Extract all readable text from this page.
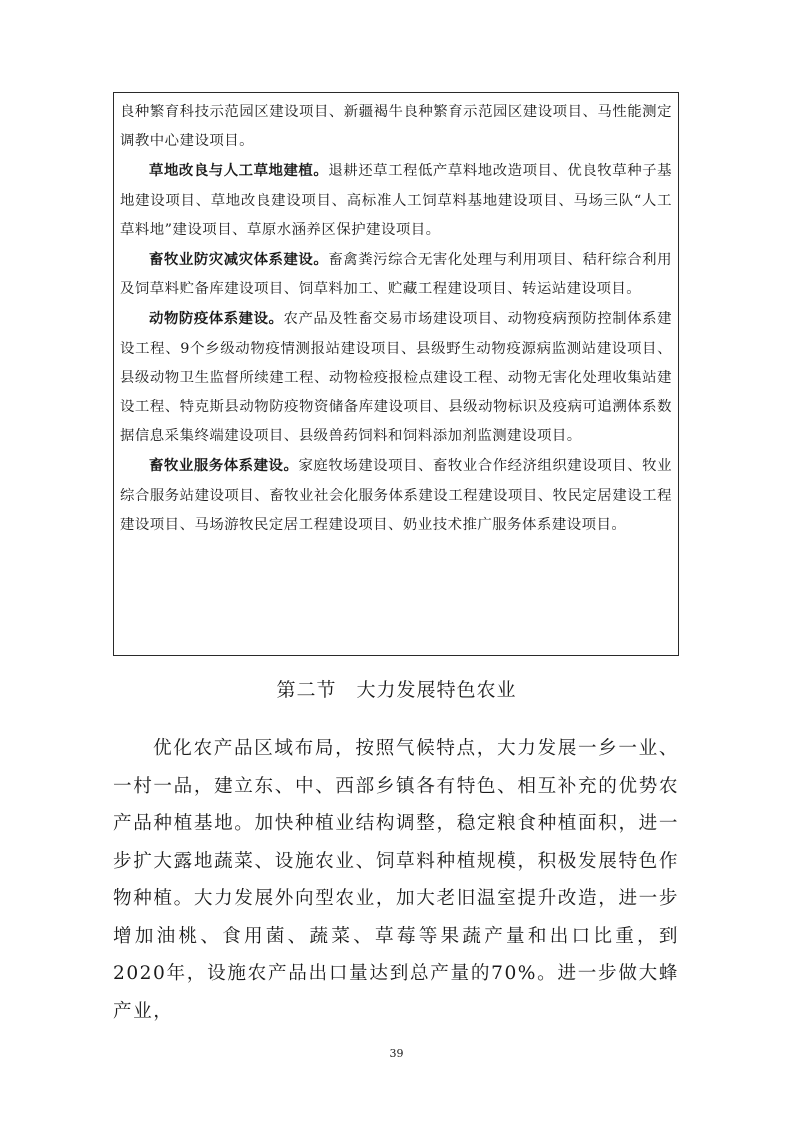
良种繁育科技示范园区建设项目、新疆褐牛良种繁育示范园区建设项目、马性能测定调教中心建设项目。

草地改良与人工草地建植。退耕还草工程低产草料地改造项目、优良牧草种子基地建设项目、草地改良建设项目、高标准人工饲草料基地建设项目、马场三队“人工草料地”建设项目、草原水涵养区保护建设项目。

畜牧业防灾减灾体系建设。畜禽粪污综合无害化处理与利用项目、秸秆综合利用及饲草料贮备库建设项目、饲草料加工、贮藏工程建设项目、转运站建设项目。

动物防疫体系建设。农产品及牲畜交易市场建设项目、动物疫病预防控制体系建设工程、9个乡级动物疫情测报站建设项目、县级野生动物疫源病监测站建设项目、县级动物卫生监督所续建工程、动物检疫报检点建设工程、动物无害化处理收集站建设工程、特克斯县动物防疫物资储备库建设项目、县级动物标识及疫病可追溯体系数据信息采集终端建设项目、县级兽药饲料和饲料添加剂监测建设项目。

畜牧业服务体系建设。家庭牧场建设项目、畜牧业合作经济组织建设项目、牧业综合服务站建设项目、畜牧业社会化服务体系建设工程建设项目、牧民定居建设工程建设项目、马场游牧民定居工程建设项目、奶业技术推广服务体系建设项目。

第二节　大力发展特色农业

优化农产品区域布局，按照气候特点，大力发展一乡一业、一村一品，建立东、中、西部乡镇各有特色、相互补充的优势农产品种植基地。加快种植业结构调整，稳定粮食种植面积，进一步扩大露地蔬菜、设施农业、饲草料种植规模，积极发展特色作物种植。大力发展外向型农业，加大老旧温室提升改造，进一步增加油桃、食用菌、蔬菜、草莓等果蔬产量和出口比重，到2020年，设施农产品出口量达到总产量的70%。进一步做大蜂产业，

39
